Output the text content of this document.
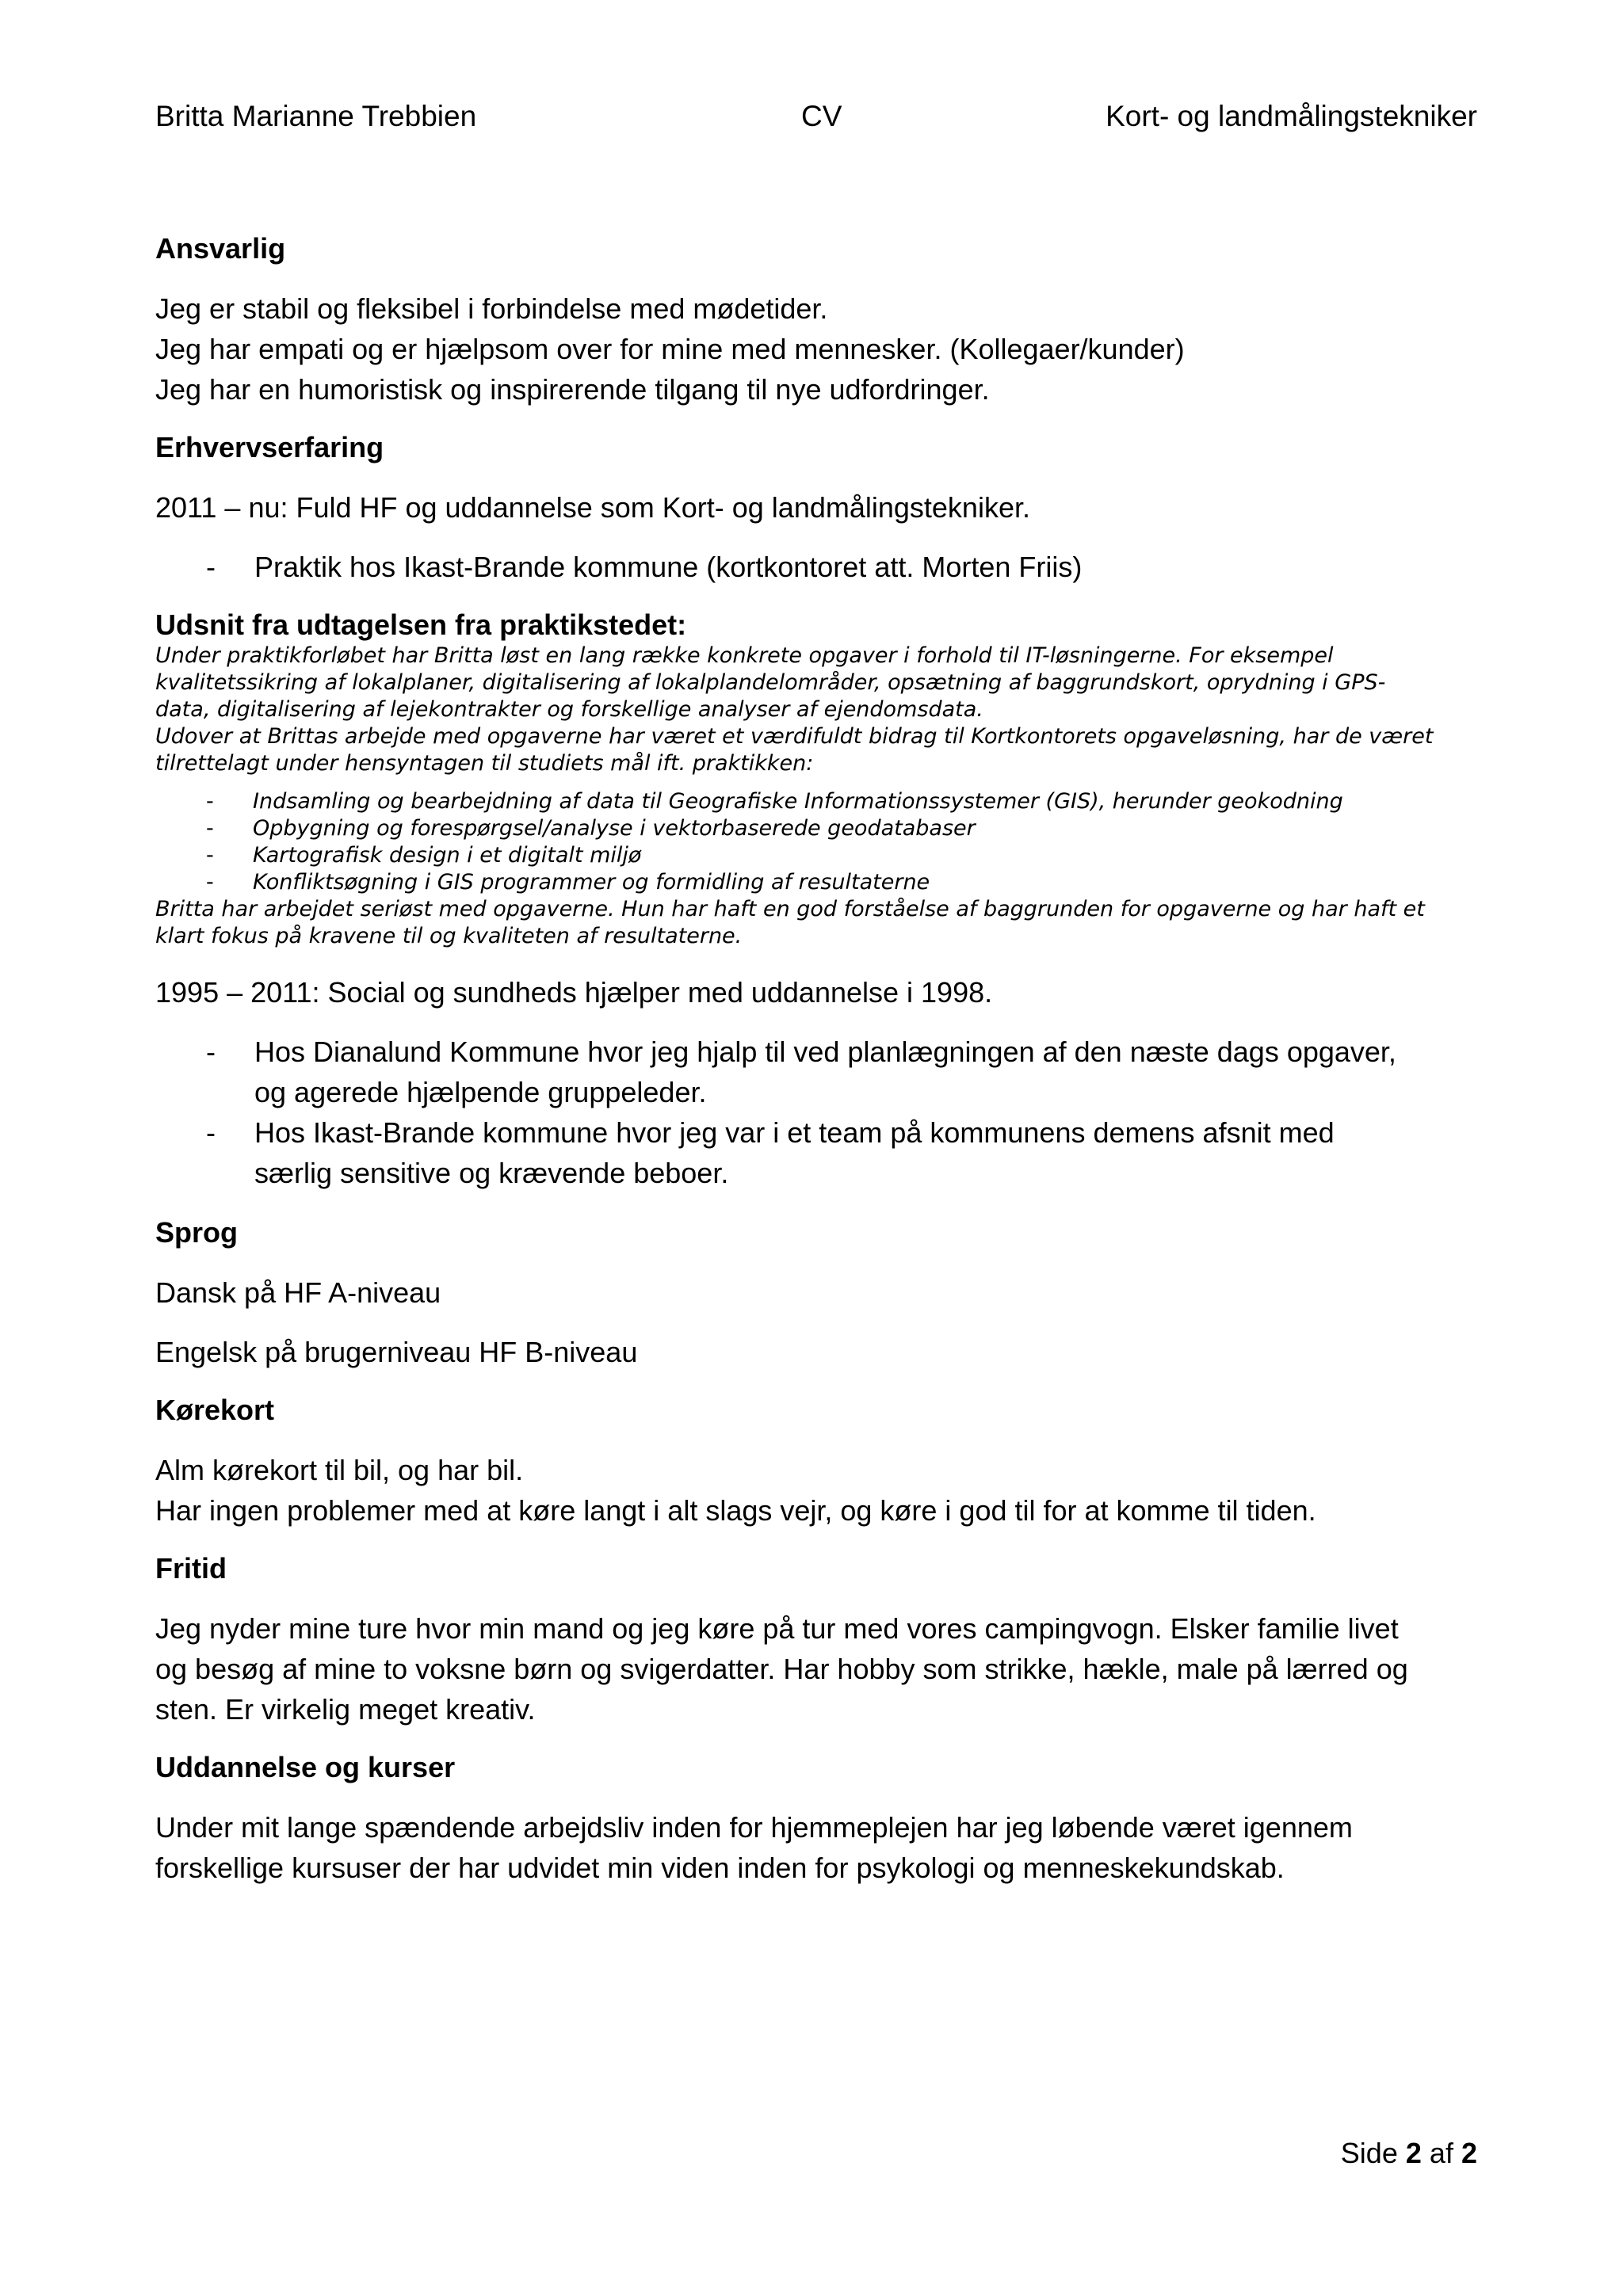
Britta Marianne Trebbien	CV	Kort- og landmålingstekniker
Ansvarlig
Jeg er stabil og fleksibel i forbindelse med mødetider.
Jeg har empati og er hjælpsom over for mine med mennesker. (Kollegaer/kunder)
Jeg har en humoristisk og inspirerende tilgang til nye udfordringer.
Erhvervserfaring
2011 – nu: Fuld HF og uddannelse som Kort- og landmålingstekniker.
- Praktik hos Ikast-Brande kommune (kortkontoret att. Morten Friis)
Udsnit fra udtagelsen fra praktikstedet:
Under praktikforløbet har Britta løst en lang række konkrete opgaver i forhold til IT-løsningerne. For eksempel
kvalitetssikring af lokalplaner, digitalisering af lokalplandelområder, opsætning af baggrundskort, oprydning i GPS-
data, digitalisering af lejekontrakter og forskellige analyser af ejendomsdata.
Udover at Brittas arbejde med opgaverne har været et værdifuldt bidrag til Kortkontorets opgaveløsning, har de været
tilrettelagt under hensyntagen til studiets mål ift. praktikken:
- Indsamling og bearbejdning af data til Geografiske Informationssystemer (GIS), herunder geokodning
- Opbygning og forespørgsel/analyse i vektorbaserede geodatabaser
- Kartografisk design i et digitalt miljø
- Konfliktsøgning i GIS programmer og formidling af resultaterne
Britta har arbejdet seriøst med opgaverne. Hun har haft en god forståelse af baggrunden for opgaverne og har haft et
klart fokus på kravene til og kvaliteten af resultaterne.
1995 – 2011: Social og sundheds hjælper med uddannelse i 1998.
- Hos Dianalund Kommune hvor jeg hjalp til ved planlægningen af den næste dags opgaver,
og agerede hjælpende gruppeleder.
- Hos Ikast-Brande kommune hvor jeg var i et team på kommunens demens afsnit med
særlig sensitive og krævende beboer.
Sprog
Dansk på HF A-niveau
Engelsk på brugerniveau HF B-niveau
Kørekort
Alm kørekort til bil, og har bil.
Har ingen problemer med at køre langt i alt slags vejr, og køre i god til for at komme til tiden.
Fritid
Jeg nyder mine ture hvor min mand og jeg køre på tur med vores campingvogn. Elsker familie livet
og besøg af mine to voksne børn og svigerdatter. Har hobby som strikke, hækle, male på lærred og
sten. Er virkelig meget kreativ.
Uddannelse og kurser
Under mit lange spændende arbejdsliv inden for hjemmeplejen har jeg løbende været igennem
forskellige kursuser der har udvidet min viden inden for psykologi og menneskekundskab.
Side 2 af 2
